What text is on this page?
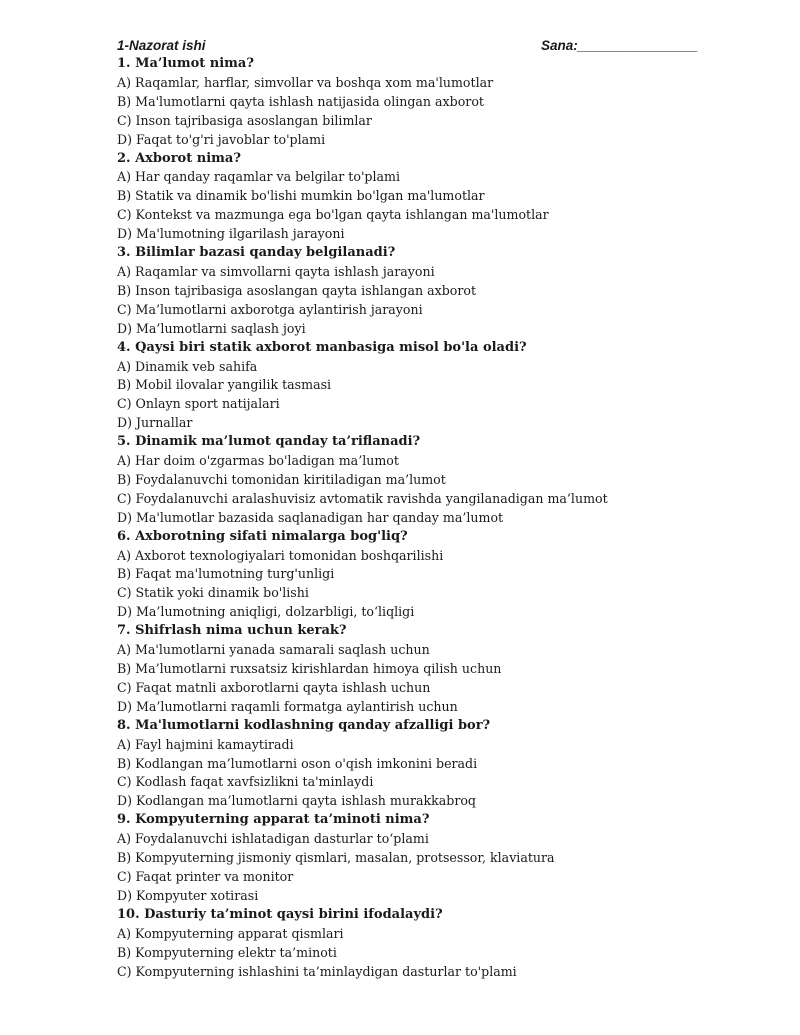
1-Nazorat ishi	Sana:________________
1. Ma’lumot nima?
A) Raqamlar, harflar, simvollar va boshqa xom ma'lumotlar
B) Ma'lumotlarni qayta ishlash natijasida olingan axborot
C) Inson tajribasiga asoslangan bilimlar
D) Faqat to'g'ri javoblar to'plami
2. Axborot nima?
A) Har qanday raqamlar va belgilar to'plami
B) Statik va dinamik bo'lishi mumkin bo'lgan ma'lumotlar
C) Kontekst va mazmunga ega bo'lgan qayta ishlangan ma'lumotlar
D) Ma'lumotning ilgarilash jarayoni
3. Bilimlar bazasi qanday belgilanadi?
A) Raqamlar va simvollarni qayta ishlash jarayoni
B) Inson tajribasiga asoslangan qayta ishlangan axborot
C) Ma’lumotlarni axborotga aylantirish jarayoni
D) Ma’lumotlarni saqlash joyi
4. Qaysi biri statik axborot manbasiga misol bo'la oladi?
A) Dinamik veb sahifa
B) Mobil ilovalar yangilik tasmasi
C) Onlayn sport natijalari
D) Jurnallar
5. Dinamik ma’lumot qanday ta’riflanadi?
A) Har doim o'zgarmas bo'ladigan ma’lumot
B) Foydalanuvchi tomonidan kiritiladigan ma’lumot
C) Foydalanuvchi aralashuvisiz avtomatik ravishda yangilanadigan ma’lumot
D) Ma'lumotlar bazasida saqlanadigan har qanday ma’lumot
6. Axborotning sifati nimalarga bog'liq?
A) Axborot texnologiyalari tomonidan boshqarilishi
B) Faqat ma'lumotning turg'unligi
C) Statik yoki dinamik bo'lishi
D) Ma’lumotning aniqligi, dolzarbligi, to‘liqligi
7. Shifrlash nima uchun kerak?
A) Ma'lumotlarni yanada samarali saqlash uchun
B) Ma’lumotlarni ruxsatsiz kirishlardan himoya qilish uchun
C) Faqat matnli axborotlarni qayta ishlash uchun
D) Ma’lumotlarni raqamli formatga aylantirish uchun
8. Ma'lumotlarni kodlashning qanday afzalligi bor?
A) Fayl hajmini kamaytiradi
B) Kodlangan ma’lumotlarni oson o'qish imkonini beradi
C) Kodlash faqat xavfsizlikni ta'minlaydi
D) Kodlangan ma’lumotlarni qayta ishlash murakkabroq
9. Kompyuterning apparat ta’minoti nima?
A) Foydalanuvchi ishlatadigan dasturlar to‘plami
B) Kompyuterning jismoniy qismlari, masalan, protsessor, klaviatura
C) Faqat printer va monitor
D) Kompyuter xotirasi
10. Dasturiy ta’minot qaysi birini ifodalaydi?
A) Kompyuterning apparat qismlari
B) Kompyuterning elektr ta’minoti
C) Kompyuterning ishlashini ta’minlaydigan dasturlar to'plami
